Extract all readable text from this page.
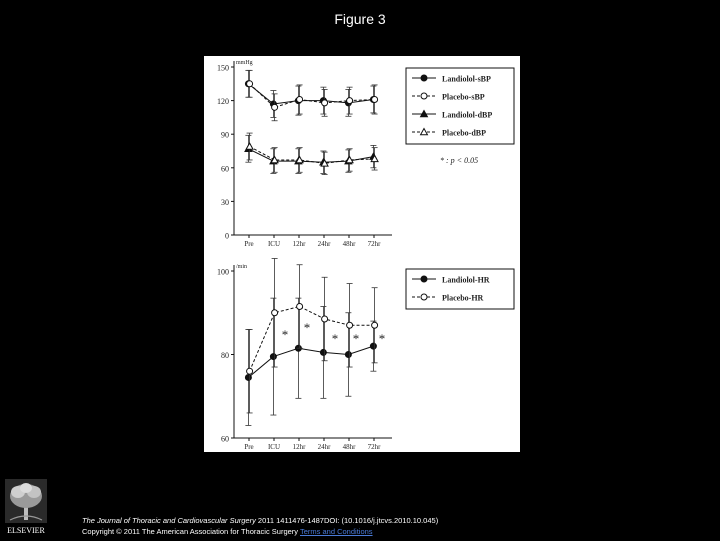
Figure 3
mmHg
0
30
60
90
120
150
Pre ICU 12hr 24hr 48hr 72hr
Landiolol-sBP
Placebo-sBP
Landiolol-dBP
Placebo-dBP
* : p < 0.05
/min
60
80
100
Pre ICU 12hr 24hr 48hr 72hr
Landiolol-HR
Placebo-HR
* *
* * *
ELSEVIER
The Journal of Thoracic and Cardiovascular Surgery 2011 1411476-1487DOI: (10.1016/j.jtcvs.2010.10.045)
Copyright © 2011 The American Association for Thoracic Surgery Terms and Conditions
